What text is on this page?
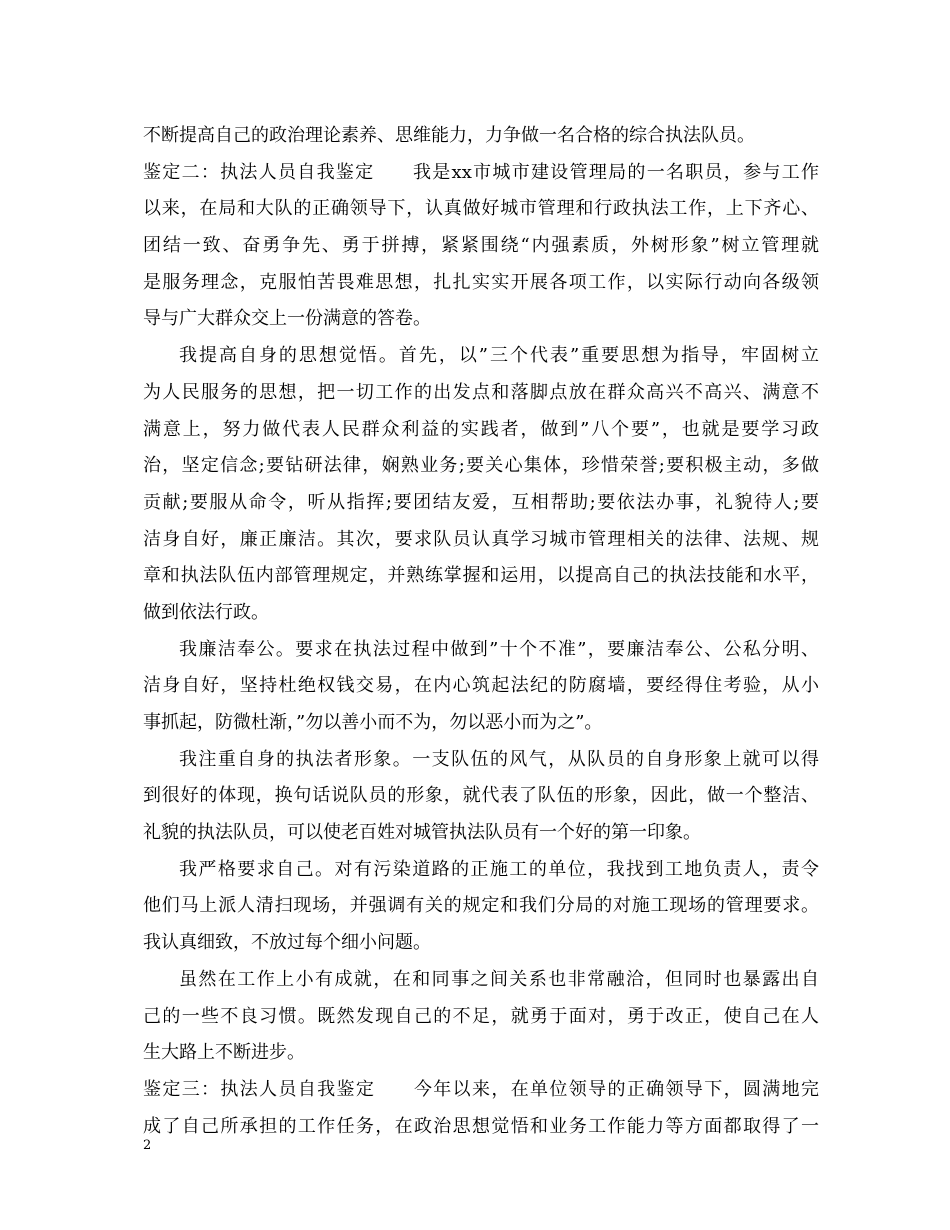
不断提高自己的政治理论素养、思维能力，力争做一名合格的综合执法队员。
鉴定二：执法人员自我鉴定　　我是xx市城市建设管理局的一名职员，参与工作
以来，在局和大队的正确领导下，认真做好城市管理和行政执法工作，上下齐心、
团结一致、奋勇争先、勇于拼搏，紧紧围绕“内强素质，外树形象”树立管理就
是服务理念，克服怕苦畏难思想，扎扎实实开展各项工作，以实际行动向各级领
导与广大群众交上一份满意的答卷。
我提高自身的思想觉悟。首先，以”三个代表”重要思想为指导，牢固树立
为人民服务的思想，把一切工作的出发点和落脚点放在群众高兴不高兴、满意不
满意上，努力做代表人民群众利益的实践者，做到”八个要”，也就是要学习政
治，坚定信念;要钻研法律，娴熟业务;要关心集体，珍惜荣誉;要积极主动，多做
贡献;要服从命令，听从指挥;要团结友爱，互相帮助;要依法办事，礼貌待人;要
洁身自好，廉正廉洁。其次，要求队员认真学习城市管理相关的法律、法规、规
章和执法队伍内部管理规定，并熟练掌握和运用，以提高自己的执法技能和水平，
做到依法行政。
我廉洁奉公。要求在执法过程中做到”十个不准”，要廉洁奉公、公私分明、
洁身自好，坚持杜绝权钱交易，在内心筑起法纪的防腐墙，要经得住考验，从小
事抓起，防微杜渐，”勿以善小而不为，勿以恶小而为之”。
我注重自身的执法者形象。一支队伍的风气，从队员的自身形象上就可以得
到很好的体现，换句话说队员的形象，就代表了队伍的形象，因此，做一个整洁、
礼貌的执法队员，可以使老百姓对城管执法队员有一个好的第一印象。
我严格要求自己。对有污染道路的正施工的单位，我找到工地负责人，责令
他们马上派人清扫现场，并强调有关的规定和我们分局的对施工现场的管理要求。
我认真细致，不放过每个细小问题。
虽然在工作上小有成就，在和同事之间关系也非常融洽，但同时也暴露出自
己的一些不良习惯。既然发现自己的不足，就勇于面对，勇于改正，使自己在人
生大路上不断进步。
鉴定三：执法人员自我鉴定　　今年以来，在单位领导的正确领导下，圆满地完
成了自己所承担的工作任务，在政治思想觉悟和业务工作能力等方面都取得了一
2
